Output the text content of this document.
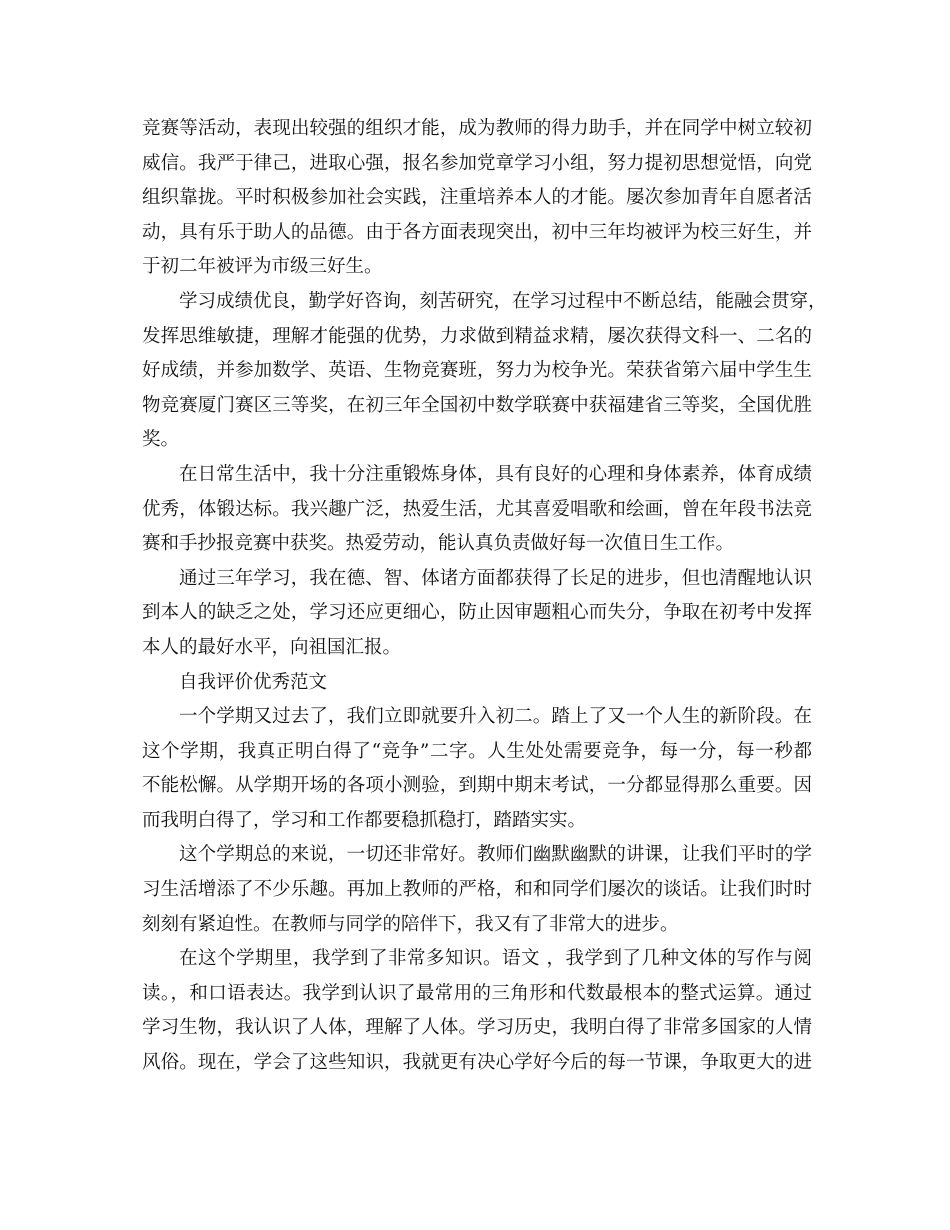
竞赛等活动，表现出较强的组织才能，成为教师的得力助手，并在同学中树立较初
威信。我严于律己，进取心强，报名参加党章学习小组，努力提初思想觉悟，向党
组织靠拢。平时积极参加社会实践，注重培养本人的才能。屡次参加青年自愿者活
动，具有乐于助人的品德。由于各方面表现突出，初中三年均被评为校三好生，并
于初二年被评为市级三好生。
学习成绩优良，勤学好咨询，刻苦研究，在学习过程中不断总结，能融会贯穿，
发挥思维敏捷，理解才能强的优势，力求做到精益求精，屡次获得文科一、二名的
好成绩，并参加数学、英语、生物竞赛班，努力为校争光。荣获省第六届中学生生
物竞赛厦门赛区三等奖，在初三年全国初中数学联赛中获福建省三等奖，全国优胜
奖。
在日常生活中，我十分注重锻炼身体，具有良好的心理和身体素养，体育成绩
优秀，体锻达标。我兴趣广泛，热爱生活，尤其喜爱唱歌和绘画，曾在年段书法竞
赛和手抄报竞赛中获奖。热爱劳动，能认真负责做好每一次值日生工作。
通过三年学习，我在德、智、体诸方面都获得了长足的进步，但也清醒地认识
到本人的缺乏之处，学习还应更细心，防止因审题粗心而失分，争取在初考中发挥
本人的最好水平，向祖国汇报。
自我评价优秀范文
一个学期又过去了，我们立即就要升入初二。踏上了又一个人生的新阶段。在
这个学期，我真正明白得了“竞争”二字。人生处处需要竞争，每一分，每一秒都
不能松懈。从学期开场的各项小测验，到期中期末考试，一分都显得那么重要。因
而我明白得了，学习和工作都要稳抓稳打，踏踏实实。
这个学期总的来说，一切还非常好。教师们幽默幽默的讲课，让我们平时的学
习生活增添了不少乐趣。再加上教师的严格，和和同学们屡次的谈话。让我们时时
刻刻有紧迫性。在教师与同学的陪伴下，我又有了非常大的进步。
在这个学期里，我学到了非常多知识。语文 ，我学到了几种文体的写作与阅
读。，和口语表达。我学到认识了最常用的三角形和代数最根本的整式运算。通过
学习生物，我认识了人体，理解了人体。学习历史，我明白得了非常多国家的人情
风俗。现在，学会了这些知识，我就更有决心学好今后的每一节课，争取更大的进
